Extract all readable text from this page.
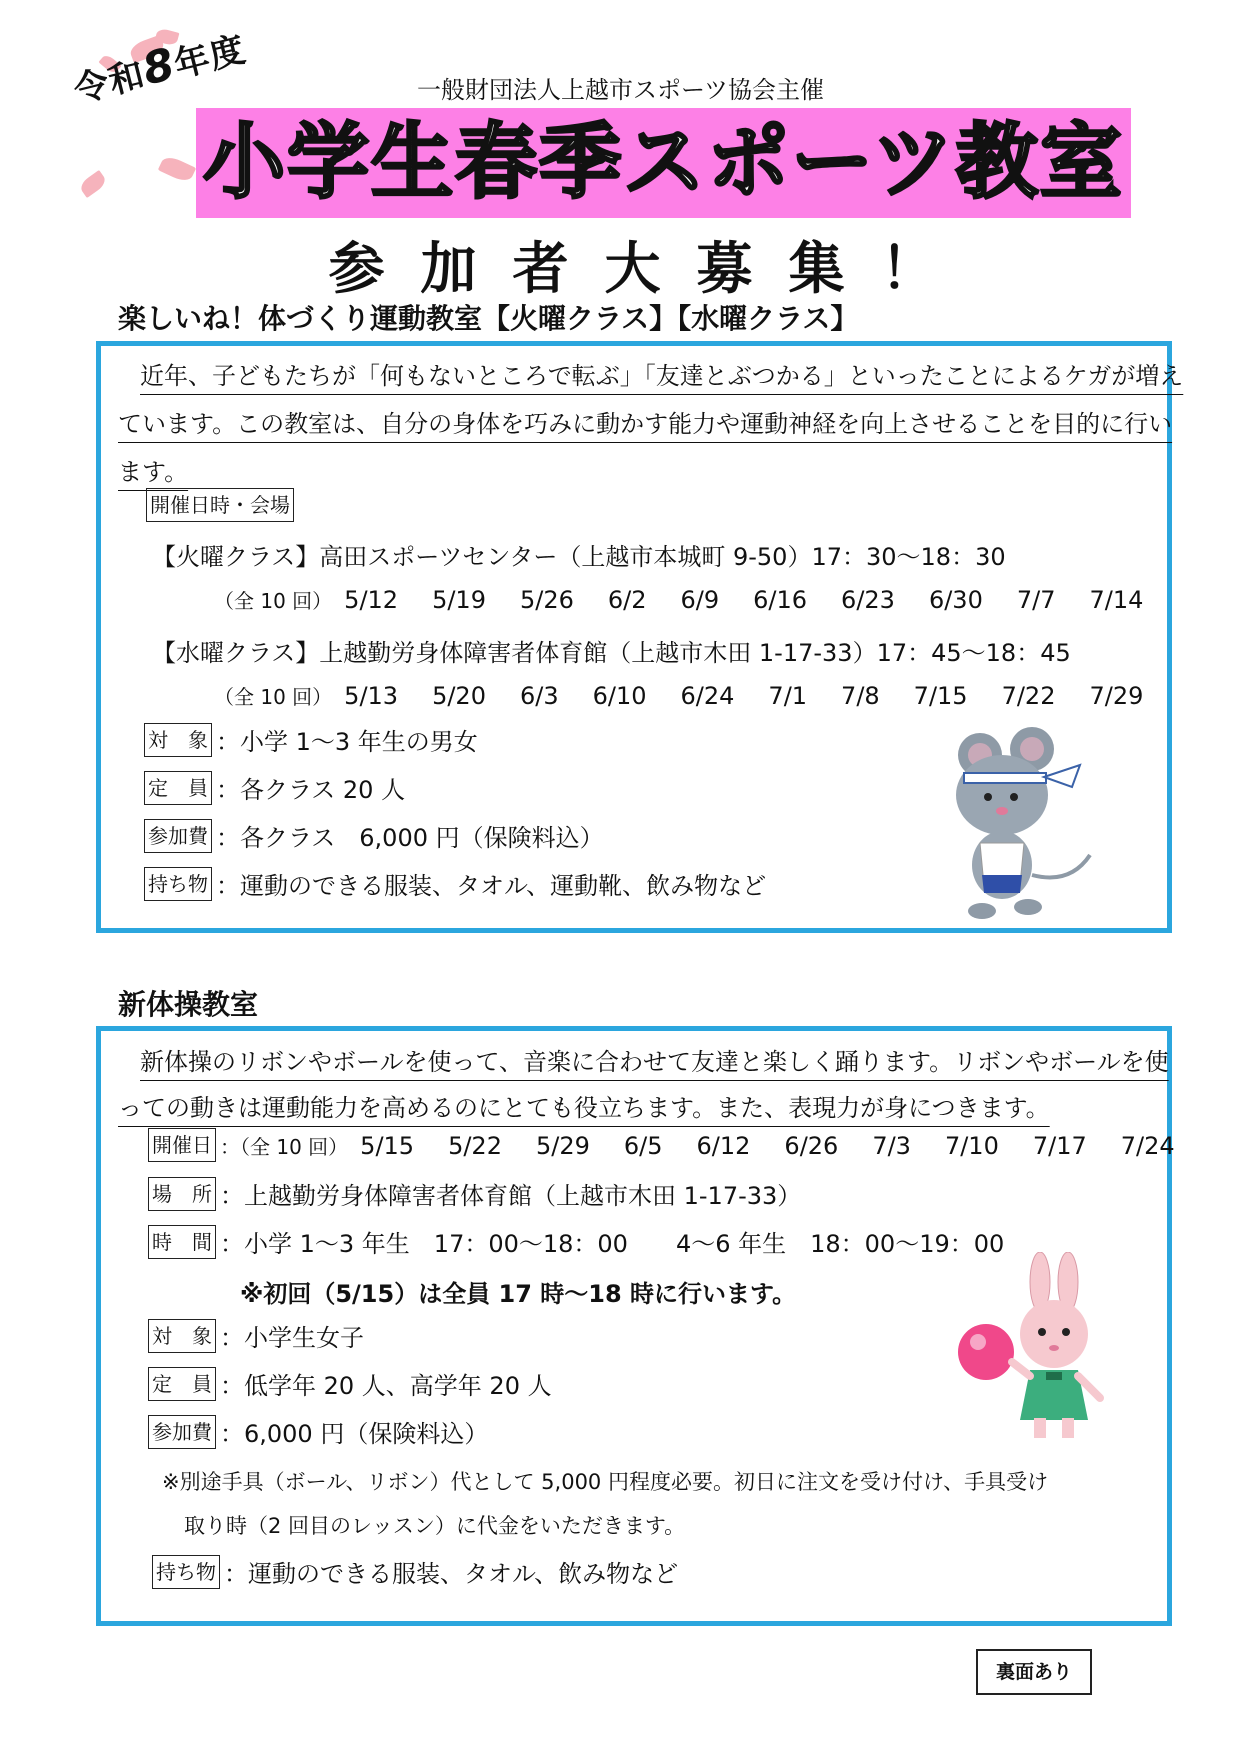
一般財団法人上越市スポーツ協会主催
令和8年度
小学生春季スポーツ教室
参加者大募集！
楽しいね！体づくり運動教室【火曜クラス】【水曜クラス】
近年、子どもたちが「何もないところで転ぶ」「友達とぶつかる」といったことによるケガが増え
ています。この教室は、自分の身体を巧みに動かす能力や運動神経を向上させることを目的に行い
ます。
開催日時・会場
【火曜クラス】高田スポーツセンター（上越市本城町 9-50）17：30〜18：30
（全 10 回） 5/12 5/19 5/26 6/2 6/9 6/16 6/23 6/30 7/7 7/14
【水曜クラス】上越勤労身体障害者体育館（上越市木田 1-17-33）17：45〜18：45
（全 10 回） 5/13 5/20 6/3 6/10 6/24 7/1 7/8 7/15 7/22 7/29
対　象 ：小学 1〜3 年生の男女
定　員 ：各クラス 20 人
参加費 ：各クラス　6,000 円（保険料込）
持ち物 ：運動のできる服装、タオル、運動靴、飲み物など
新体操教室
新体操のリボンやボールを使って、音楽に合わせて友達と楽しく踊ります。リボンやボールを使
っての動きは運動能力を高めるのにとても役立ちます。また、表現力が身につきます。
開催日 ：（全 10 回） 5/15 5/22 5/29 6/5 6/12 6/26 7/3 7/10 7/17 7/24
場　所 ：上越勤労身体障害者体育館（上越市木田 1-17-33）
時　間 ：小学 1〜3 年生　17：00〜18：00　　4〜6 年生　18：00〜19：00
※初回（5/15）は全員 17 時〜18 時に行います。
対　象 ：小学生女子
定　員 ：低学年 20 人、高学年 20 人
参加費 ：6,000 円（保険料込）
※別途手具（ボール、リボン）代として 5,000 円程度必要。初日に注文を受け付け、手具受け
取り時（2 回目のレッスン）に代金をいただきます。
持ち物 ：運動のできる服装、タオル、飲み物など
裏面あり
